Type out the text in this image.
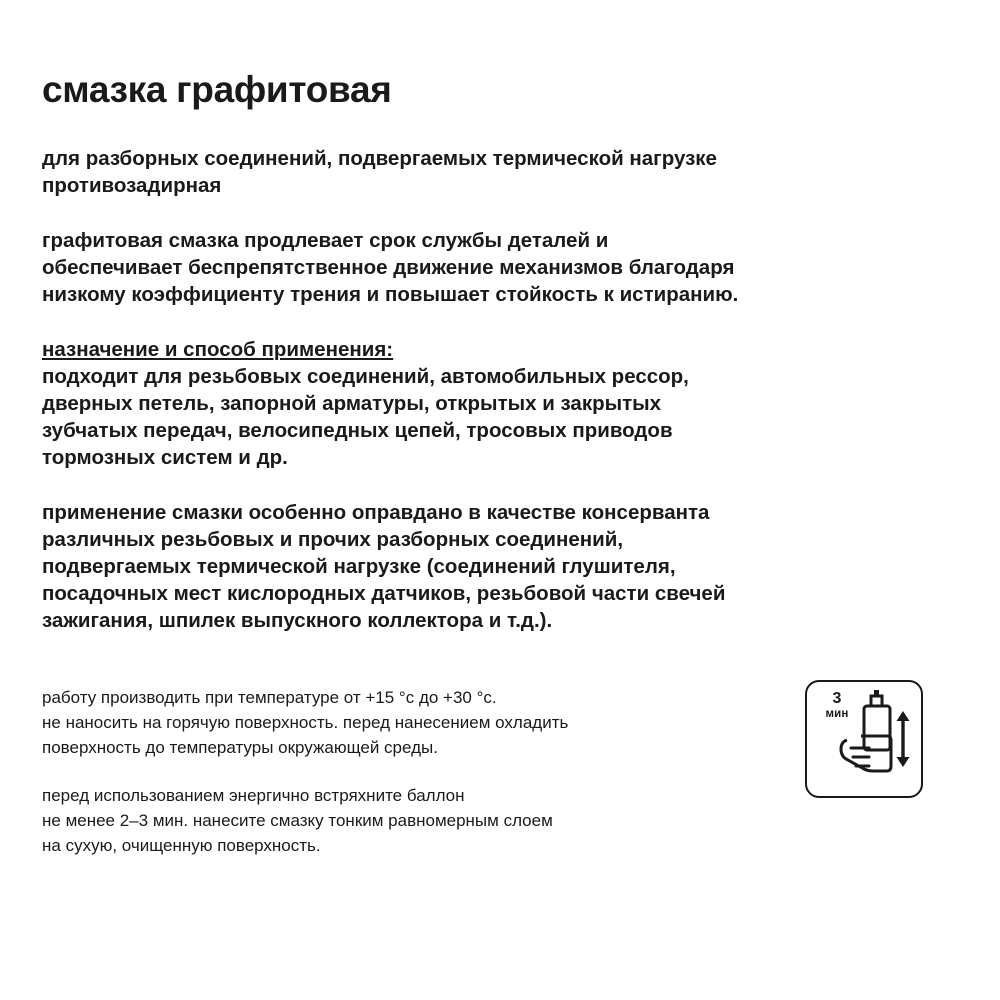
смазка графитовая

для разборных соединений, подвергаемых термической нагрузке
противозадирная

графитовая смазка продлевает срок службы деталей и
обеспечивает беспрепятственное движение механизмов благодаря
низкому коэффициенту трения и повышает стойкость к истиранию.

назначение и способ применения:
подходит для резьбовых соединений, автомобильных рессор,
дверных петель, запорной арматуры, открытых и закрытых
зубчатых передач, велосипедных цепей, тросовых приводов
тормозных систем и др.

применение смазки особенно оправдано в качестве консерванта
различных резьбовых и прочих разборных соединений,
подвергаемых термической нагрузке (соединений глушителя,
посадочных мест кислородных датчиков, резьбовой части свечей
зажигания, шпилек выпускного коллектора и т.д.).

3
мин

работу производить при температуре от +15 °с до +30 °с.
не наносить на горячую поверхность. перед нанесением охладить
поверхность до температуры окружающей среды.

перед использованием энергично встряхните баллон
не менее 2–3 мин. нанесите смазку тонким равномерным слоем
на сухую, очищенную поверхность.
